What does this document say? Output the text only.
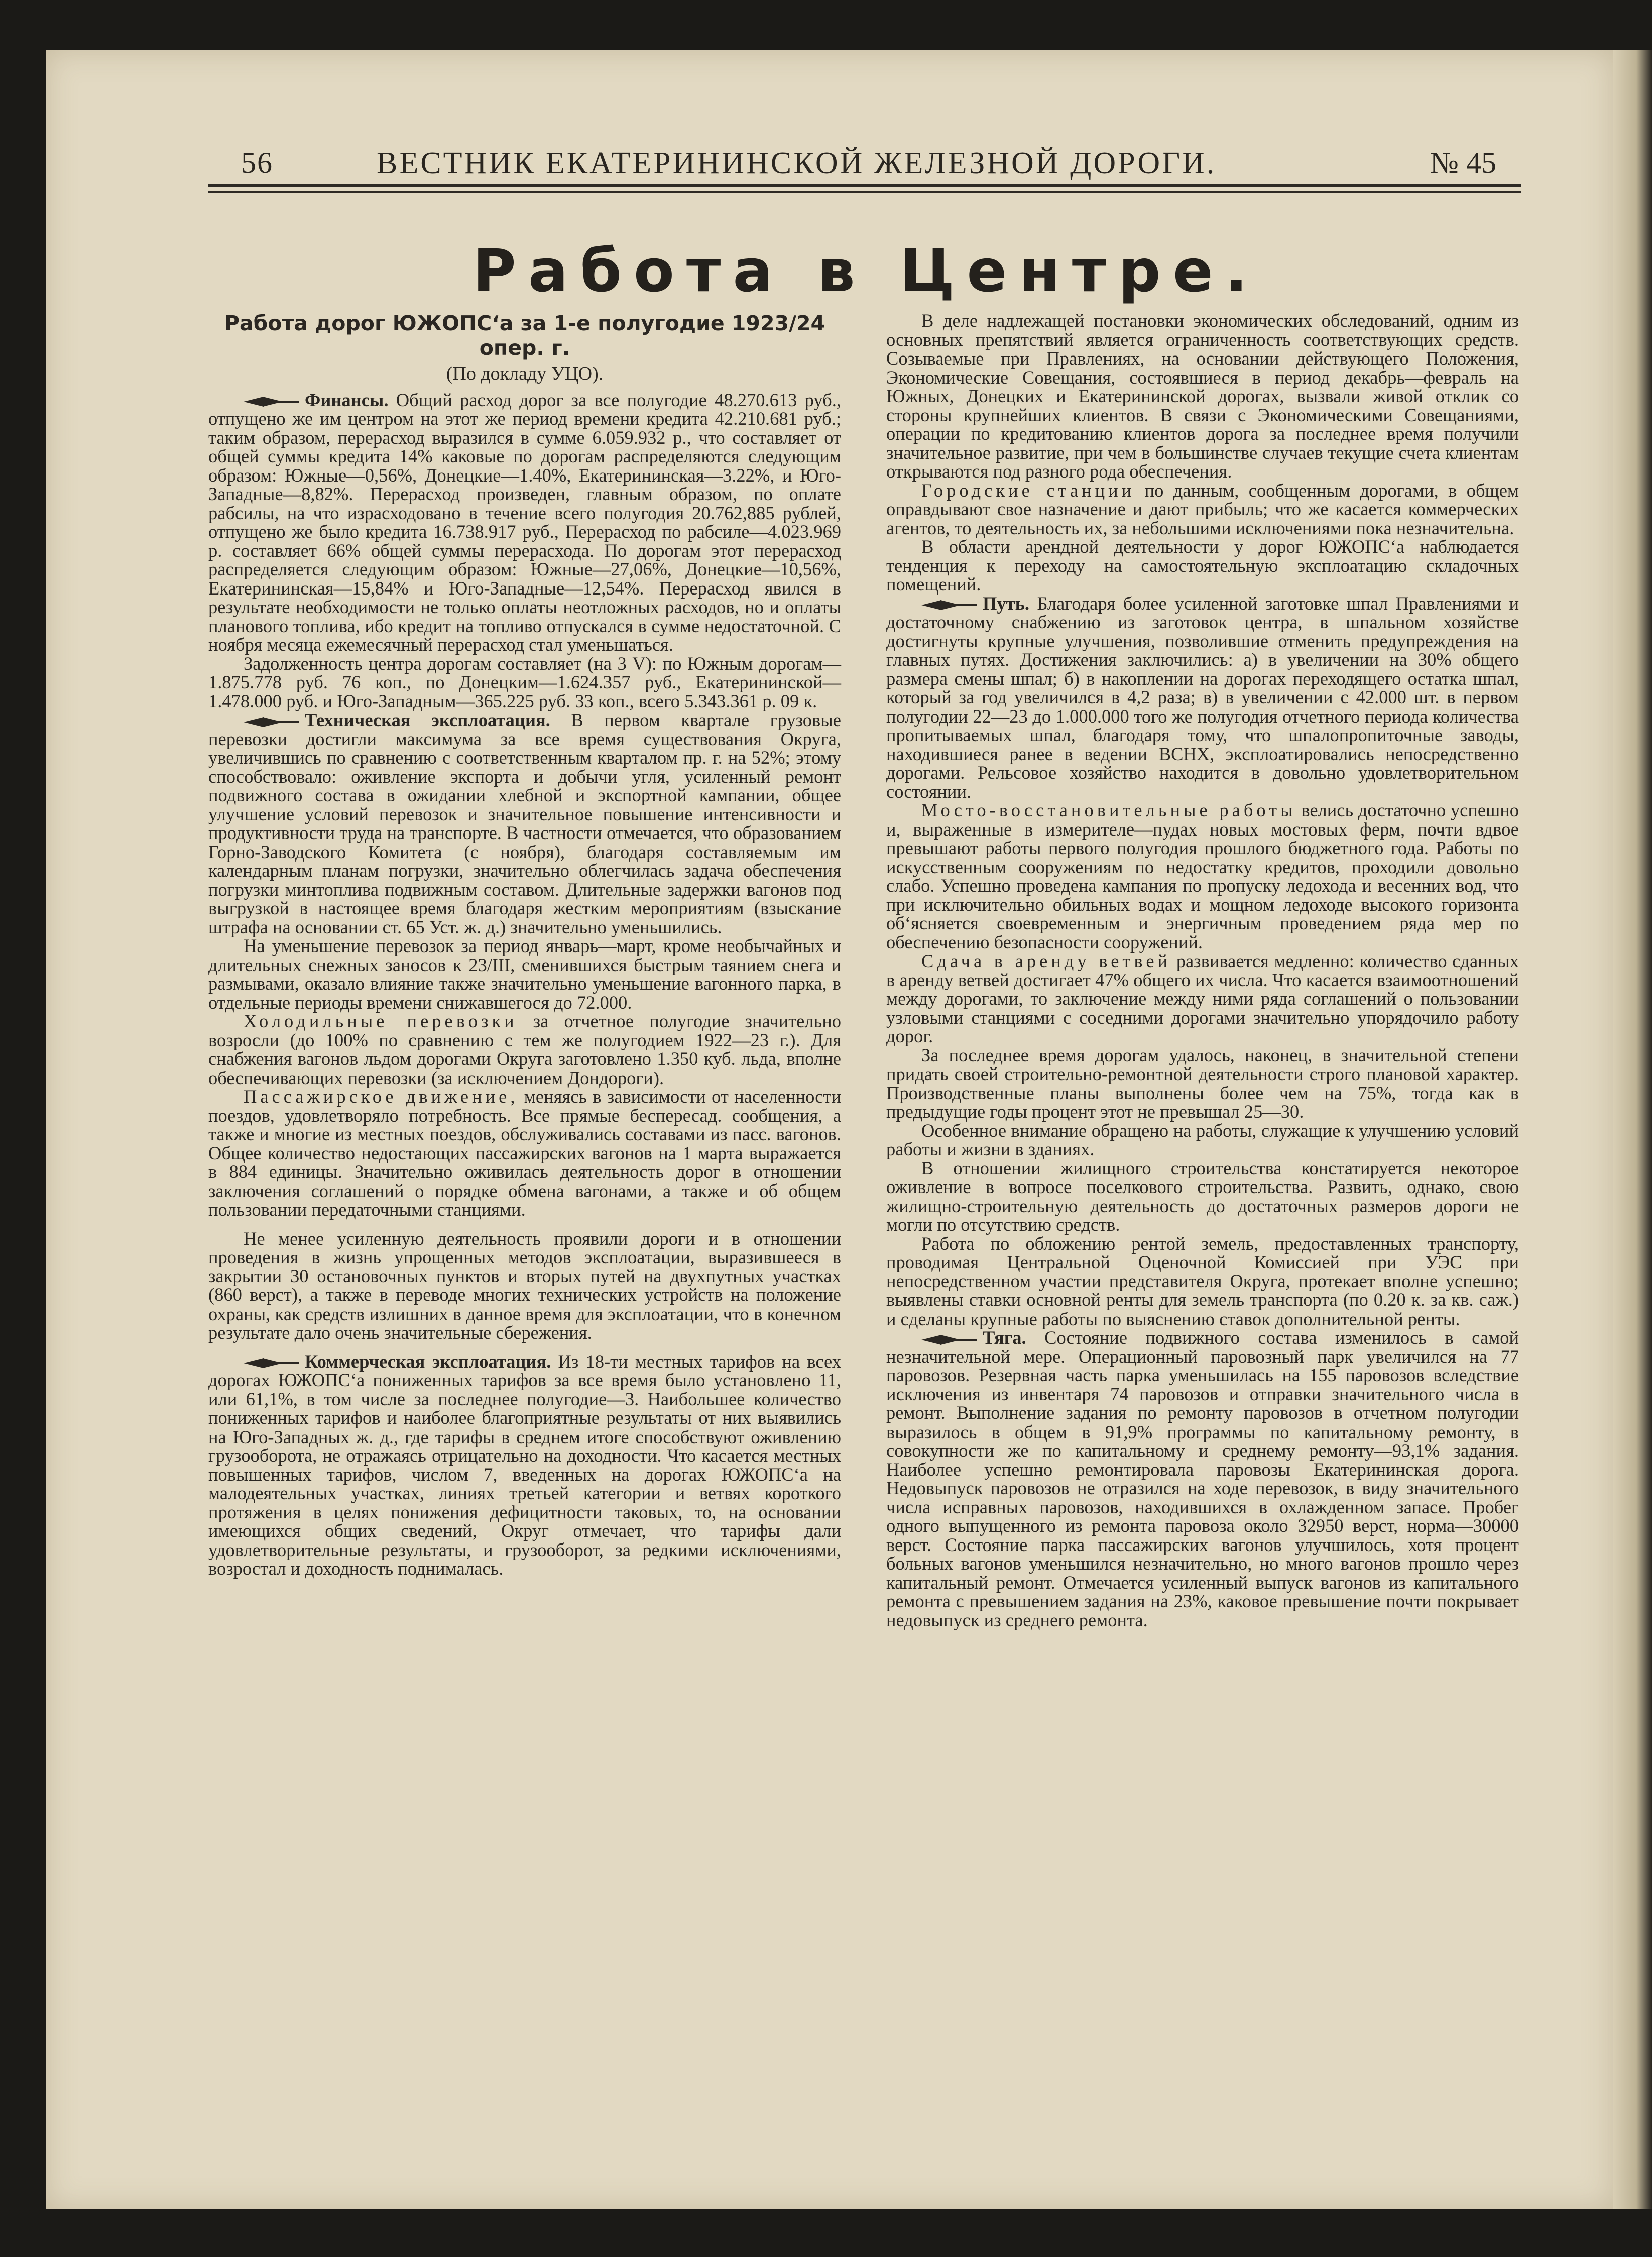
56	ВЕСТНИК ЕКАТЕРИНИНСКОЙ ЖЕЛЕЗНОЙ ДОРОГИ.	№ 45
Работа в Центре.
Работа дорог ЮЖОПС‘а за 1-е полугодие 1923/24 опер. г.
(По докладу УЦО).

Финансы. Общий расход дорог за все полугодие 48.270.613 руб., отпущено же им центром на этот же период времени кредита 42.210.681 руб.; таким образом, перерасход выразился в сумме 6.059.932 р., что составляет от общей суммы кредита 14% каковые по дорогам распределяются следующим образом: Южные—0,56%, Донецкие—1.40%, Екатерининская—3.22%, и Юго-Западные—8,82%. Перерасход произведен, главным образом, по оплате рабсилы, на что израсходовано в течение всего полугодия 20.762,885 рублей, отпущено же было кредита 16.738.917 руб., Перерасход по рабсиле—4.023.969 р. составляет 66% общей суммы перерасхода. По дорогам этот перерасход распределяется следующим образом: Южные—27,06%, Донецкие—10,56%, Екатерининская—15,84% и Юго-Западные—12,54%. Перерасход явился в результате необходимости не только оплаты неотложных расходов, но и оплаты планового топлива, ибо кредит на топливо отпускался в сумме недостаточной. С ноября месяца ежемесячный перерасход стал уменьшаться.

Задолженность центра дорогам составляет (на 3 V): по Южным дорогам—1.875.778 руб. 76 коп., по Донецким—1.624.357 руб., Екатерининской—1.478.000 руб. и Юго-Западным—365.225 руб. 33 коп., всего 5.343.361 р. 09 к.

Техническая эксплоатация. В первом квартале грузовые перевозки достигли максимума за все время существования Округа, увеличившись по сравнению с соответственным кварталом пр. г. на 52%; этому способствовало: оживление экспорта и добычи угля, усиленный ремонт подвижного состава в ожидании хлебной и экспортной кампании, общее улучшение условий перевозок и значительное повышение интенсивности и продуктивности труда на транспорте. В частности отмечается, что образованием Горно-Заводского Комитета (с ноября), благодаря составляемым им календарным планам погрузки, значительно облегчилась задача обеспечения погрузки минтоплива подвижным составом. Длительные задержки вагонов под выгрузкой в настоящее время благодаря жестким мероприятиям (взыскание штрафа на основании ст. 65 Уст. ж. д.) значительно уменьшились.

На уменьшение перевозок за период январь—март, кроме необычайных и длительных снежных заносов к 23/III, сменившихся быстрым таянием снега и размывами, оказало влияние также значительно уменьшение вагонного парка, в отдельные периоды времени снижавшегося до 72.000.

Холодильные перевозки за отчетное полугодие значительно возросли (до 100% по сравнению с тем же полугодием 1922—23 г.). Для снабжения вагонов льдом дорогами Округа заготовлено 1.350 куб. льда, вполне обеспечивающих перевозки (за исключением Дондороги).

Пассажирское движение, меняясь в зависимости от населенности поездов, удовлетворяло потребность. Все прямые беспересад. сообщения, а также и многие из местных поездов, обслуживались составами из пасс. вагонов. Общее количество недостающих пассажирских вагонов на 1 марта выражается в 884 единицы. Значительно оживилась деятельность дорог в отношении заключения соглашений о порядке обмена вагонами, а также и об общем пользовании передаточными станциями.

Не менее усиленную деятельность проявили дороги и в отношении проведения в жизнь упрощенных методов эксплоатации, выразившееся в закрытии 30 остановочных пунктов и вторых путей на двухпутных участках (860 верст), а также в переводе многих технических устройств на положение охраны, как средств излишних в данное время для эксплоатации, что в конечном результате дало очень значительные сбережения.

Коммерческая эксплоатация. Из 18-ти местных тарифов на всех дорогах ЮЖОПС‘а пониженных тарифов за все время было установлено 11, или 61,1%, в том числе за последнее полугодие—3. Наибольшее количество пониженных тарифов и наиболее благоприятные результаты от них выявились на Юго-Западных ж. д., где тарифы в среднем итоге способствуют оживлению грузооборота, не отражаясь отрицательно на доходности. Что касается местных повышенных тарифов, числом 7, введенных на дорогах ЮЖОПС‘а на малодеятельных участках, линиях третьей категории и ветвях короткого протяжения в целях понижения дефицитности таковых, то, на основании имеющихся общих сведений, Округ отмечает, что тарифы дали удовлетворительные результаты, и грузооборот, за редкими исключениями, возростал и доходность поднималась.

В деле надлежащей постановки экономических обследований, одним из основных препятствий является ограниченность соответствующих средств. Созываемые при Правлениях, на основании действующего Положения, Экономические Совещания, состоявшиеся в период декабрь—февраль на Южных, Донецких и Екатерининской дорогах, вызвали живой отклик со стороны крупнейших клиентов. В связи с Экономическими Совещаниями, операции по кредитованию клиентов дорога за последнее время получили значительное развитие, при чем в большинстве случаев текущие счета клиентам открываются под разного рода обеспечения.

Городские станции по данным, сообщенным дорогами, в общем оправдывают свое назначение и дают прибыль; что же касается коммерческих агентов, то деятельность их, за небольшими исключениями пока незначительна.

В области арендной деятельности у дорог ЮЖОПС‘а наблюдается тенденция к переходу на самостоятельную эксплоатацию складочных помещений.

Путь. Благодаря более усиленной заготовке шпал Правлениями и достаточному снабжению из заготовок центра, в шпальном хозяйстве достигнуты крупные улучшения, позволившие отменить предупреждения на главных путях. Достижения заключились: а) в увеличении на 30% общего размера смены шпал; б) в накоплении на дорогах переходящего остатка шпал, который за год увеличился в 4,2 раза; в) в увеличении с 42.000 шт. в первом полугодии 22—23 до 1.000.000 того же полугодия отчетного периода количества пропитываемых шпал, благодаря тому, что шпалопропиточные заводы, находившиеся ранее в ведении ВСНХ, эксплоатировались непосредственно дорогами. Рельсовое хозяйство находится в довольно удовлетворительном состоянии.

Мосто-восстановительные работы велись достаточно успешно и, выраженные в измерителе—пудах новых мостовых ферм, почти вдвое превышают работы первого полугодия прошлого бюджетного года. Работы по искусственным сооружениям по недостатку кредитов, проходили довольно слабо. Успешно проведена кампания по пропуску ледохода и весенних вод, что при исключительно обильных водах и мощном ледоходе высокого горизонта об‘ясняется своевременным и энергичным проведением ряда мер по обеспечению безопасности сооружений.

Сдача в аренду ветвей развивается медленно: количество сданных в аренду ветвей достигает 47% общего их числа. Что касается взаимоотношений между дорогами, то заключение между ними ряда соглашений о пользовании узловыми станциями с соседними дорогами значительно упорядочило работу дорог.

За последнее время дорогам удалось, наконец, в значительной степени придать своей строительно-ремонтной деятельности строго плановой характер. Производственные планы выполнены более чем на 75%, тогда как в предыдущие годы процент этот не превышал 25—30.

Особенное внимание обращено на работы, служащие к улучшению условий работы и жизни в зданиях.

В отношении жилищного строительства констатируется некоторое оживление в вопросе поселкового строительства. Развить, однако, свою жилищно-строительную деятельность до достаточных размеров дороги не могли по отсутствию средств.

Работа по обложению рентой земель, предоставленных транспорту, проводимая Центральной Оценочной Комиссией при УЭС при непосредственном участии представителя Округа, протекает вполне успешно; выявлены ставки основной ренты для земель транспорта (по 0.20 к. за кв. саж.) и сделаны крупные работы по выяснению ставок дополнительной ренты.

Тяга. Состояние подвижного состава изменилось в самой незначительной мере. Операционный паровозный парк увеличился на 77 паровозов. Резервная часть парка уменьшилась на 155 паровозов вследствие исключения из инвентаря 74 паровозов и отправки значительного числа в ремонт. Выполнение задания по ремонту паровозов в отчетном полугодии выразилось в общем в 91,9% программы по капитальному ремонту, в совокупности же по капитальному и среднему ремонту—93,1% задания. Наиболее успешно ремонтировала паровозы Екатерининская дорога. Недовыпуск паровозов не отразился на ходе перевозок, в виду значительного числа исправных паровозов, находившихся в охлажденном запасе. Пробег одного выпущенного из ремонта паровоза около 32950 верст, норма—30000 верст. Состояние парка пассажирских вагонов улучшилось, хотя процент больных вагонов уменьшился незначительно, но много вагонов прошло через капитальный ремонт. Отмечается усиленный выпуск вагонов из капитального ремонта с превышением задания на 23%, каковое превышение почти покрывает недовыпуск из среднего ремонта.
